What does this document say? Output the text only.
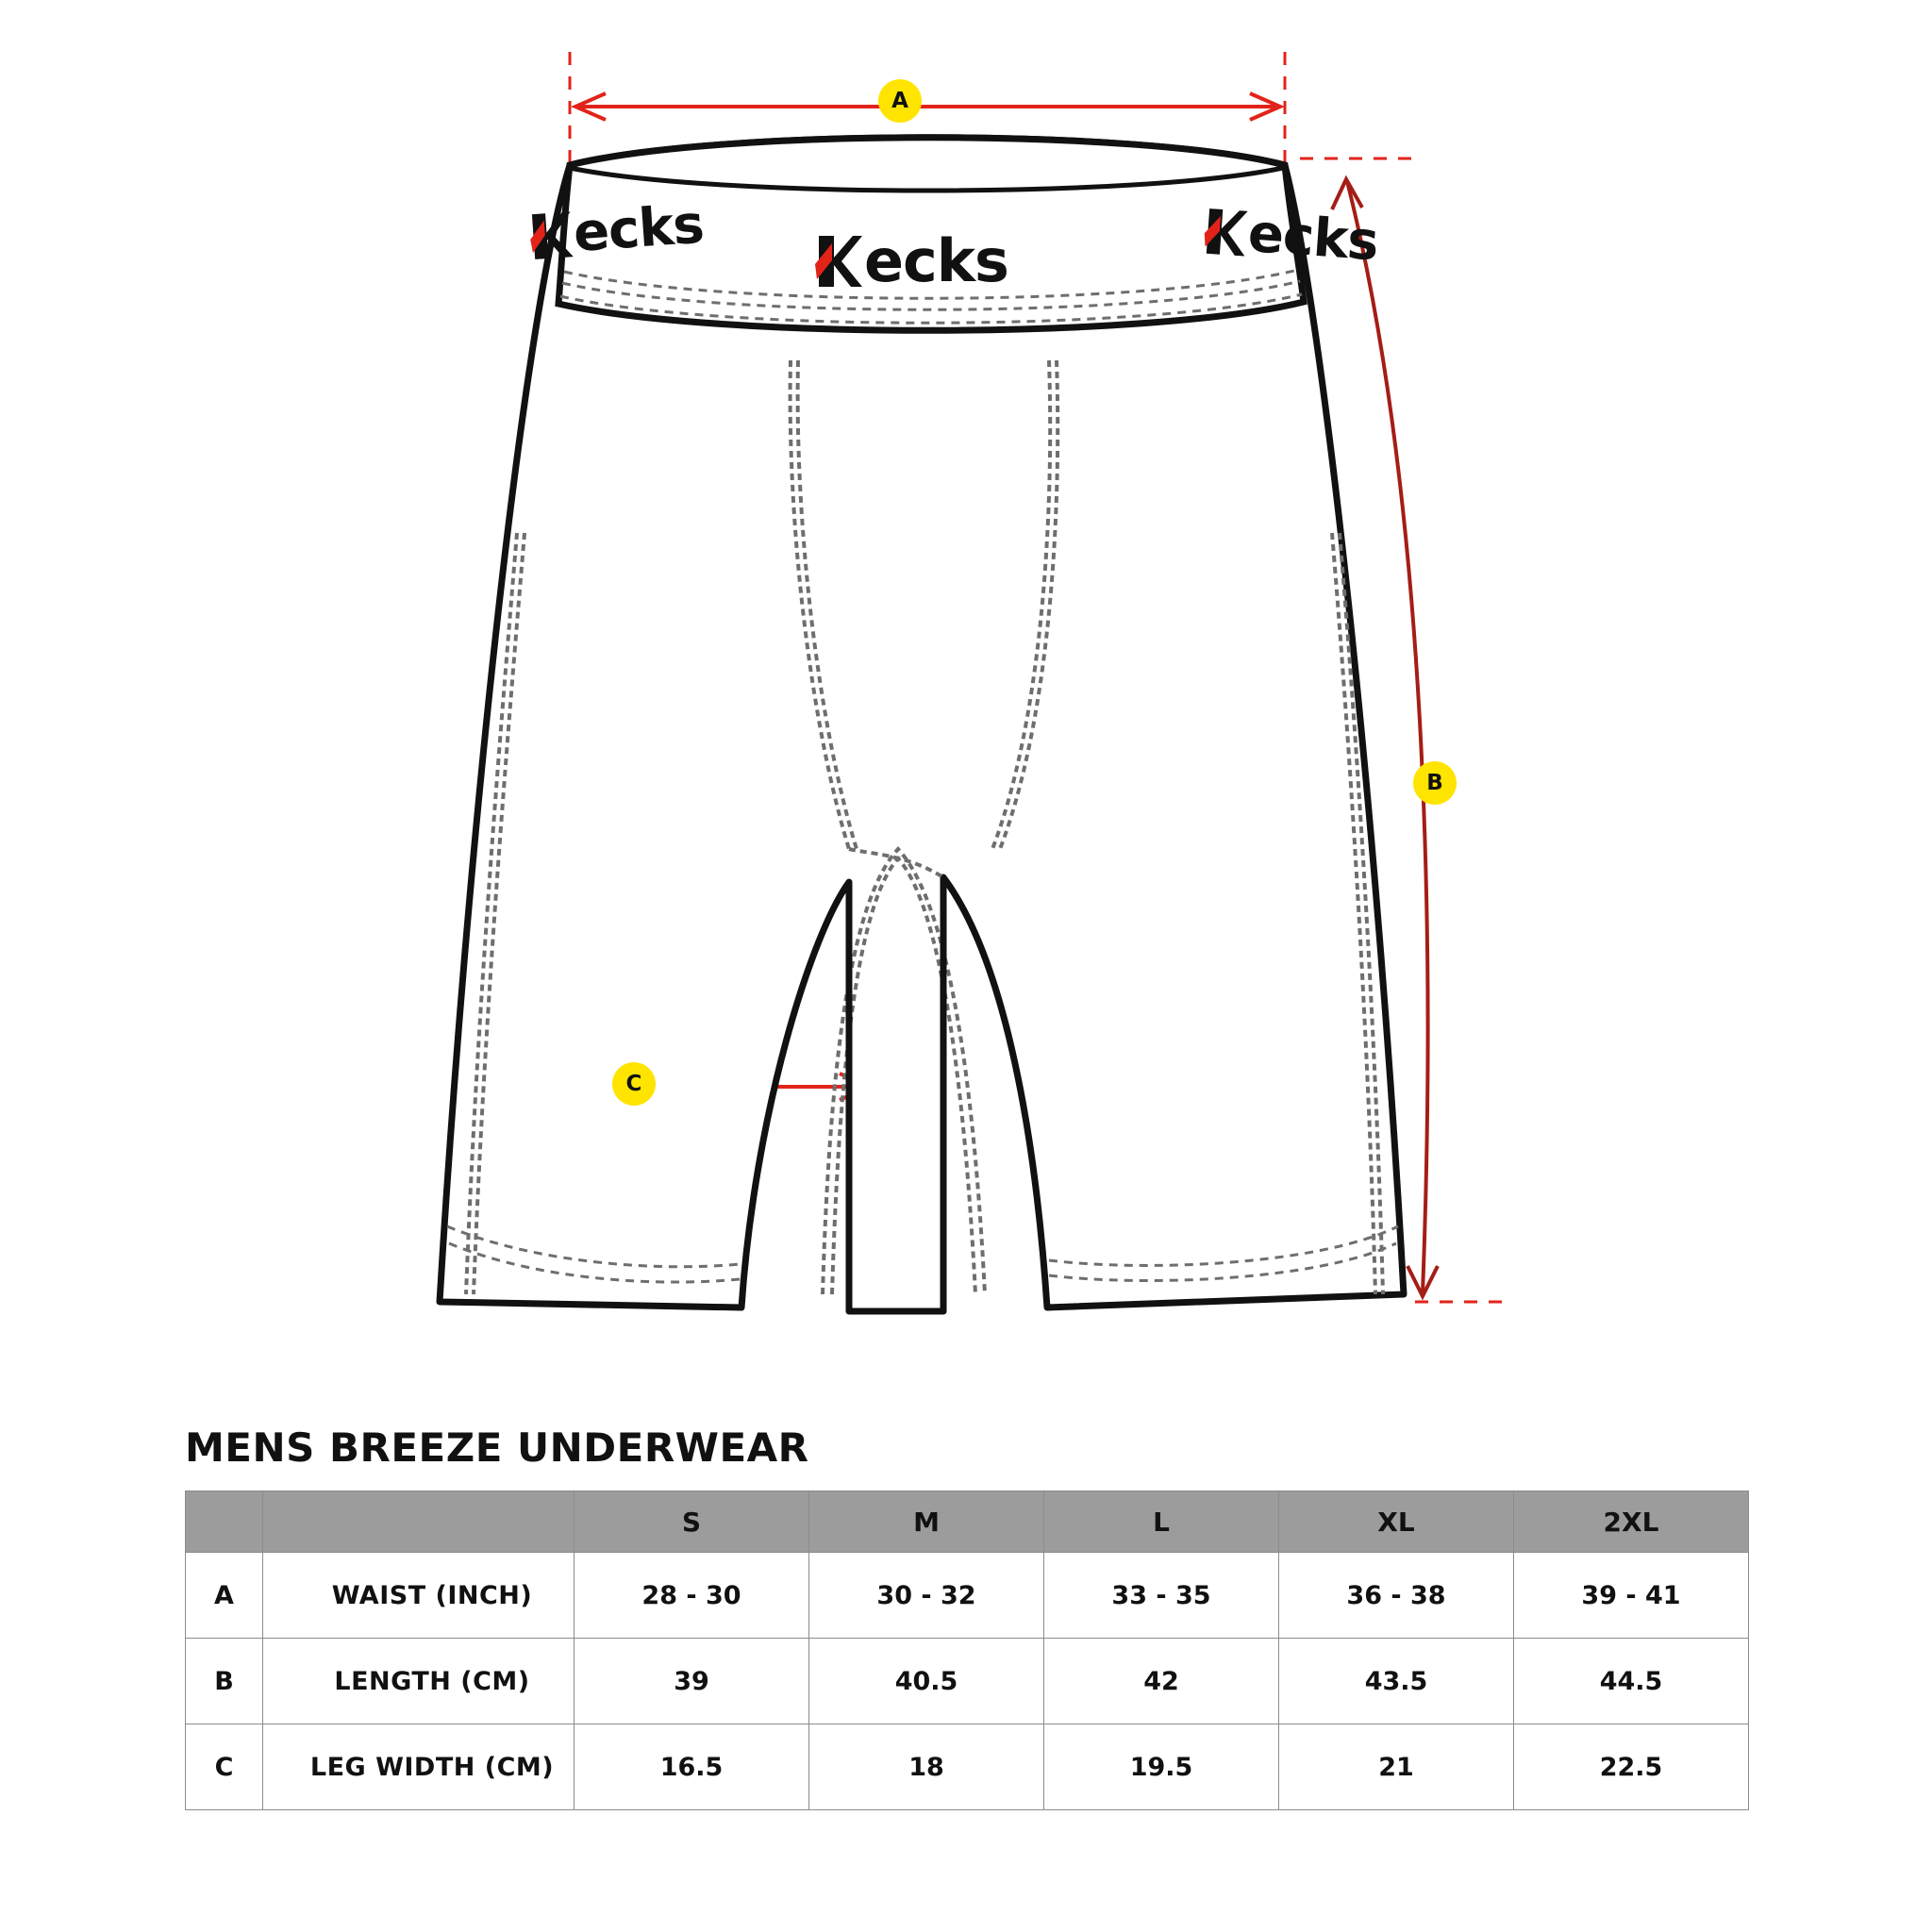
A
B
C
ecks
ecks	ecks
MENS BREEZE UNDERWEAR
		S	M	L	XL	2XL
A	WAIST (INCH)	28 - 30	30 - 32	33 - 35	36 - 38	39 - 41
B	LENGTH (CM)	39	40.5	42	43.5	44.5
C	LEG WIDTH (CM)	16.5	18	19.5	21	22.5
